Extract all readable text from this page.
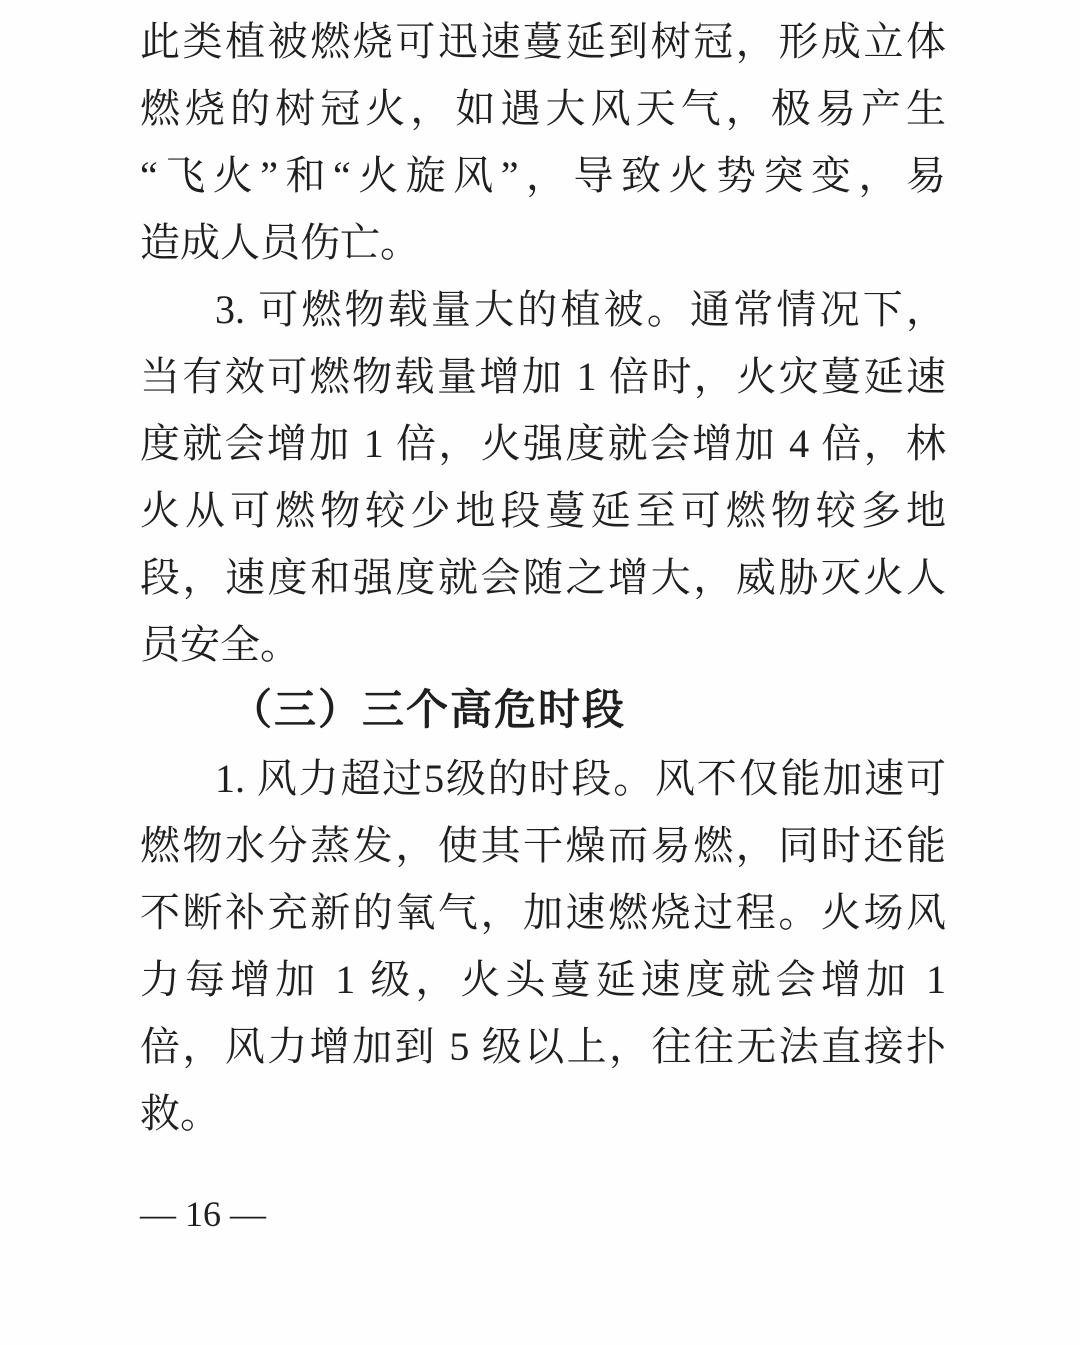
此类植被燃烧可迅速蔓延到树冠，形成立体
燃烧的树冠火，如遇大风天气，极易产生
“飞火”和“火旋风”，导致火势突变，易
造成人员伤亡。
3. 可燃物载量大的植被。通常情况下，
当有效可燃物载量增加 1 倍时，火灾蔓延速
度就会增加 1 倍，火强度就会增加 4 倍，林
火从可燃物较少地段蔓延至可燃物较多地
段，速度和强度就会随之增大，威胁灭火人
员安全。
（三）三个高危时段
1. 风力超过5级的时段。风不仅能加速可
燃物水分蒸发，使其干燥而易燃，同时还能
不断补充新的氧气，加速燃烧过程。火场风
力每增加 1 级，火头蔓延速度就会增加 1
倍，风力增加到 5 级以上，往往无法直接扑
救。
— 16 —
